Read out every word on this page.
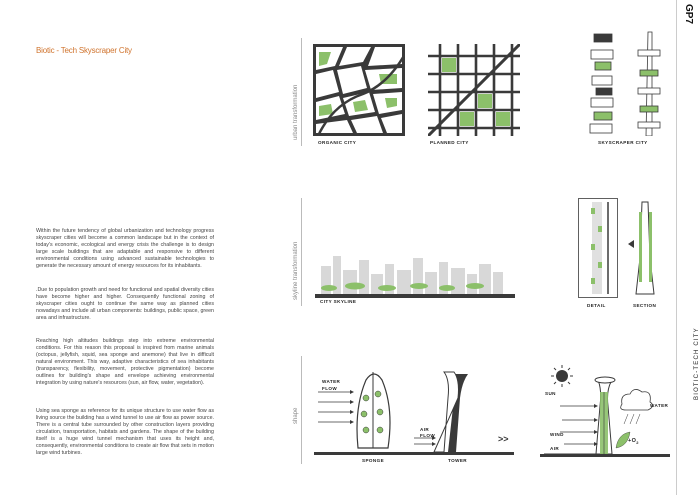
Biotic - Tech Skyscraper City

Within the future tendency of global urbanization and technology progress skyscraper cities will become a common landscape but in the context of today's economic, ecological and energy crisis the challenge is to design large scale buildings that are adaptable and responsive to different environmental conditions using advanced sustainable technologies to generate the necessary amount of energy resources for its inhabitants.

.Due to population growth and need for functional and spatial diversity cities have become higher and higher. Consequently functional zoning of skyscraper cities ought to continue the same way as planned cities nowadays and include all urban components: buildings, public space, green area and infrastructure.

Reaching high altitudes buildings step into extreme environmental conditions. For this reason this proposal is inspired from marine animals (octopus, jellyfish, squid, sea sponge and anemone) that live in difficult natural environment. This way, adaptive characteristics of sea inhabitants (transparency, flexibility, movement, protective pigmentation) become outlines for building's shape and envelope achieving environmental integration by using nature's resources (sun, air flow, water, vegetation).

Using sea sponge as reference for its unique structure to use water flow as living source the building has a wind tunnel to use air flow as power source. There is a central tube surrounded by other construction layers providing circulation, transportation, habitats and gardens. The shape of the building itself is a huge wind tunnel mechanism that uses its height and, consequently, environmental conditions to create air flow that sets in motion large wind turbines.

urban transformation
skyline transformation
shape
GP7
BIOTIC-TECH CITY
ORGANIC CITY	PLANNED CITY	SKYSCRAPER CITY
CITY SKYLINE
DETAIL	SECTION
>>
WATER
FLOW
AIR
FLOW
SPONGE	TOWER
SUN
WATER
WIND
AIR
$+O_2$
